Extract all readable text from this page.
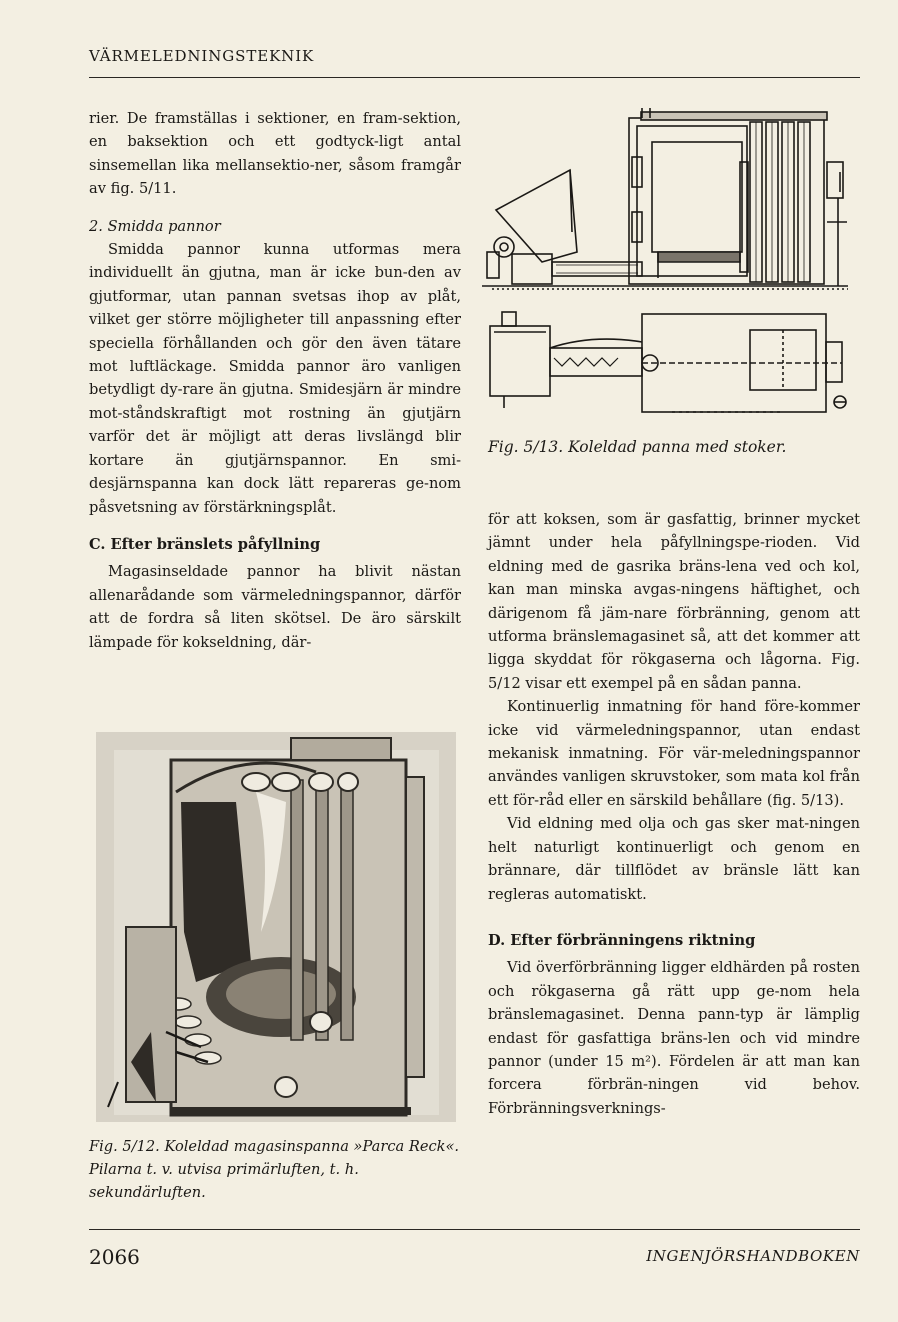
VÄRMELEDNINGSTEKNIK

rier. De framställas i sektioner, en fram-sektion, en baksektion och ett godtyck-ligt antal sinsemellan lika mellansektio-ner, såsom framgår av fig. 5/11.

2. Smidda pannor

Smidda pannor kunna utformas mera individuellt än gjutna, man är icke bun-den av gjutformar, utan pannan svetsas ihop av plåt, vilket ger större möjligheter till anpassning efter speciella förhållanden och gör den även tätare mot luftläckage. Smidda pannor äro vanligen betydligt dy-rare än gjutna. Smidesjärn är mindre mot-ståndskraftigt mot rostning än gjutjärn varför det är möjligt att deras livslängd blir kortare än gjutjärnspannor. En smi-desjärnspanna kan dock lätt repareras ge-nom påsvetsning av förstärkningsplåt.

C. Efter bränslets påfyllning

Magasinseldade pannor ha blivit nästan allenarådande som värmeledningspannor, därför att de fordra så liten skötsel. De äro särskilt lämpade för kokseldning, där-

Fig. 5/12. Koleldad magasinspanna »Parca Reck«. Pilarna t. v. utvisa primärluften, t. h. sekundärluften.
Fig. 5/13. Koleldad panna med stoker.

för att koksen, som är gasfattig, brinner mycket jämnt under hela påfyllningspe-rioden. Vid eldning med de gasrika bräns-lena ved och kol, kan man minska avgas-ningens häftighet, och därigenom få jäm-nare förbränning, genom att utforma bränslemagasinet så, att det kommer att ligga skyddat för rökgaserna och lågorna. Fig. 5/12 visar ett exempel på en sådan panna.

Kontinuerlig inmatning för hand före-kommer icke vid värmeledningspannor, utan endast mekanisk inmatning. För vär-meledningspannor användes vanligen skruvstoker, som mata kol från ett för-råd eller en särskild behållare (fig. 5/13).

Vid eldning med olja och gas sker mat-ningen helt naturligt kontinuerligt och genom en brännare, där tillflödet av bränsle lätt kan regleras automatiskt.

D. Efter förbränningens riktning

Vid överförbränning ligger eldhärden på rosten och rökgaserna gå rätt upp ge-nom hela bränslemagasinet. Denna pann-typ är lämplig endast för gasfattiga bräns-len och vid mindre pannor (under 15 m²). Fördelen är att man kan forcera förbrän-ningen vid behov. Förbränningsverknings-

2066	INGENJÖRSHANDBOKEN
